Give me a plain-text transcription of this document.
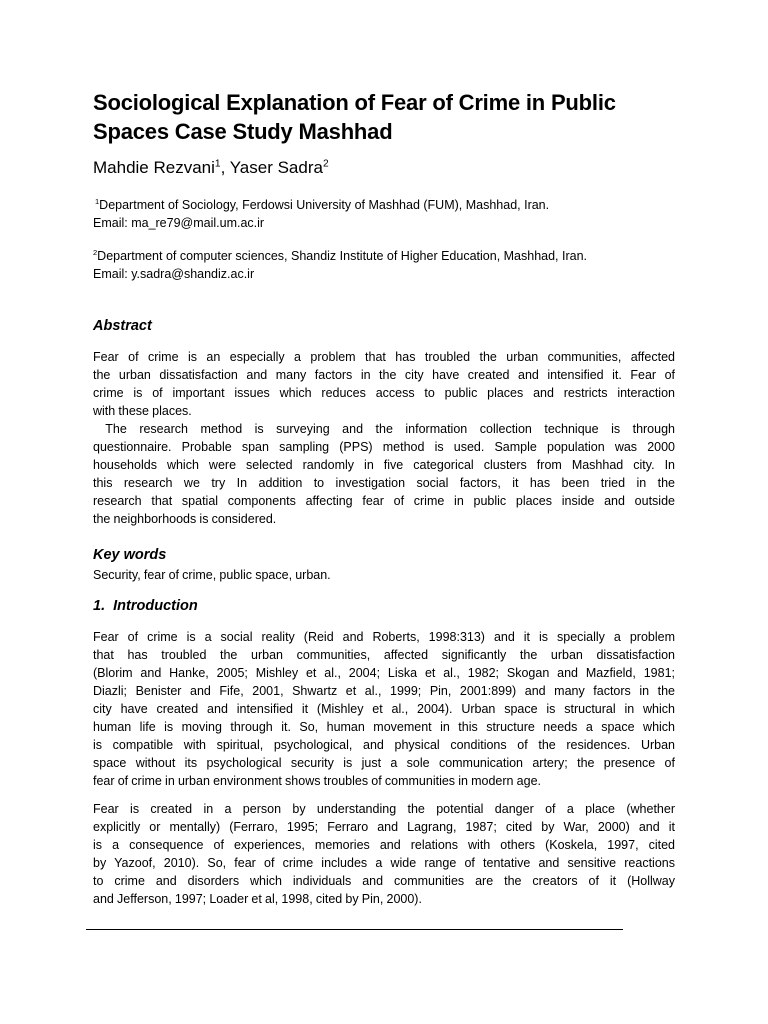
Sociological Explanation of Fear of Crime in Public
Spaces Case Study Mashhad
Mahdie Rezvani$^1$, Yaser Sadra$^2$
$^1$Department of Sociology, Ferdowsi University of Mashhad (FUM), Mashhad, Iran.
Email: ma_re79@mail.um.ac.ir
$^2$Department of computer sciences, Shandiz Institute of Higher Education, Mashhad, Iran.
Email: y.sadra@shandiz.ac.ir
Abstract

Fear of crime is an especially a problem that has troubled the urban communities, affected
the urban dissatisfaction and many factors in the city have created and intensified it. Fear of
crime is of important issues which reduces access to public places and restricts interaction
with these places.

The research method is surveying and the information collection technique is through
questionnaire. Probable span sampling (PPS) method is used. Sample population was 2000
households which were selected randomly in five categorical clusters from Mashhad city. In
this research we try In addition to investigation social factors, it has been tried in the
research that spatial components affecting fear of crime in public places inside and outside
the neighborhoods is considered.

Key words

Security, fear of crime, public space, urban.

1.  Introduction

Fear of crime is a social reality (Reid and Roberts, 1998:313) and it is specially a problem
that has troubled the urban communities, affected significantly the urban dissatisfaction
(Blorim and Hanke, 2005; Mishley et al., 2004; Liska et al., 1982; Skogan and Mazfield, 1981;
Diazli; Benister and Fife, 2001, Shwartz et al., 1999; Pin, 2001:899) and many factors in the
city have created and intensified it (Mishley et al., 2004). Urban space is structural in which
human life is moving through it. So, human movement in this structure needs a space which
is compatible with spiritual, psychological, and physical conditions of the residences. Urban
space without its psychological security is just a sole communication artery; the presence of
fear of crime in urban environment shows troubles of communities in modern age.

Fear is created in a person by understanding the potential danger of a place (whether
explicitly or mentally) (Ferraro, 1995; Ferraro and Lagrang, 1987; cited by War, 2000) and it
is a consequence of experiences, memories and relations with others (Koskela, 1997, cited
by Yazoof, 2010). So, fear of crime includes a wide range of tentative and sensitive reactions
to crime and disorders which individuals and communities are the creators of it (Hollway
and Jefferson, 1997; Loader et al, 1998, cited by Pin, 2000).
